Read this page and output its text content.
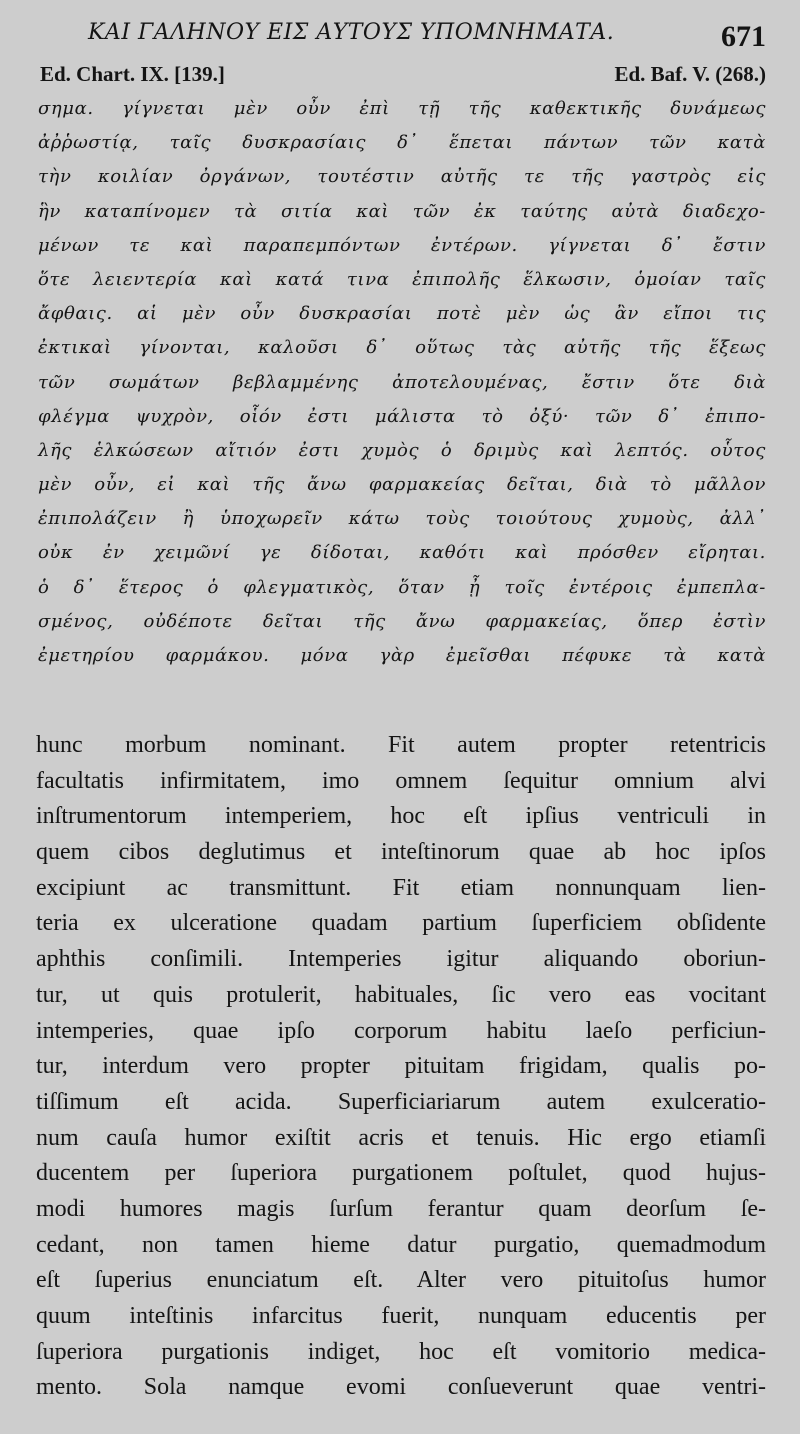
ΚΑΙ ΓΑΛΗΝΟΥ ΕΙΣ ΑΥΤΟΥΣ ΥΠΟΜΝΗΜΑΤΑ.	671
Ed. Chart. IX. [139.]	Ed. Baf. V. (268.)
σημα. γίγνεται μὲν οὖν ἐπὶ τῇ τῆς καθεκτικῆς δυνάμεως
ἀῤῥωστίᾳ, ταῖς δυσκρασίαις δ᾽ ἕπεται πάντων τῶν κατὰ
τὴν κοιλίαν ὀργάνων, τουτέστιν αὐτῆς τε τῆς γαστρὸς εἰς
ἣν καταπίνομεν τὰ σιτία καὶ τῶν ἐκ ταύτης αὐτὰ διαδεχο-
μένων τε καὶ παραπεμπόντων ἐντέρων. γίγνεται δ᾽ ἔστιν
ὅτε λειεντερία καὶ κατά τινα ἐπιπολῆς ἕλκωσιν, ὁμοίαν ταῖς
ἄφθαις. αἱ μὲν οὖν δυσκρασίαι ποτὲ μὲν ὡς ἂν εἴποι τις
ἐκτικαὶ γίνονται, καλοῦσι δ᾽ οὕτως τὰς αὐτῆς τῆς ἕξεως
τῶν σωμάτων βεβλαμμένης ἀποτελουμένας, ἔστιν ὅτε διὰ
φλέγμα ψυχρὸν, οἷόν ἐστι μάλιστα τὸ ὀξύ· τῶν δ᾽ ἐπιπο-
λῆς ἑλκώσεων αἴτιόν ἐστι χυμὸς ὁ δριμὺς καὶ λεπτός. οὗτος
μὲν οὖν, εἰ καὶ τῆς ἄνω φαρμακείας δεῖται, διὰ τὸ μᾶλλον
ἐπιπολάζειν ἢ ὑποχωρεῖν κάτω τοὺς τοιούτους χυμοὺς, ἀλλ᾽
οὐκ ἐν χειμῶνί γε δίδοται, καθότι καὶ πρόσθεν εἴρηται.
ὁ δ᾽ ἕτερος ὁ φλεγματικὸς, ὅταν ᾖ τοῖς ἐντέροις ἐμπεπλα-
σμένος, οὐδέποτε δεῖται τῆς ἄνω φαρμακείας, ὅπερ ἐστὶν
ἐμετηρίου φαρμάκου. μόνα γὰρ ἐμεῖσθαι πέφυκε τὰ κατὰ
hunc morbum nominant. Fit autem propter retentricis
facultatis infirmitatem, imo omnem ſequitur omnium alvi
inſtrumentorum intemperiem, hoc eſt ipſius ventriculi in
quem cibos deglutimus et inteſtinorum quae ab hoc ipſos
excipiunt ac transmittunt. Fit etiam nonnunquam lien-
teria ex ulceratione quadam partium ſuperficiem obſidente
aphthis conſimili. Intemperies igitur aliquando oboriun-
tur, ut quis protulerit, habituales, ſic vero eas vocitant
intemperies, quae ipſo corporum habitu laeſo perficiun-
tur, interdum vero propter pituitam frigidam, qualis po-
tiſſimum eſt acida. Superficiariarum autem exulceratio-
num cauſa humor exiſtit acris et tenuis. Hic ergo etiamſi
ducentem per ſuperiora purgationem poſtulet, quod hujus-
modi humores magis ſurſum ferantur quam deorſum ſe-
cedant, non tamen hieme datur purgatio, quemadmodum
eſt ſuperius enunciatum eſt. Alter vero pituitoſus humor
quum inteſtinis infarcitus fuerit, nunquam educentis per
ſuperiora purgationis indiget, hoc eſt vomitorio medica-
mento. Sola namque evomi conſueverunt quae ventri-
